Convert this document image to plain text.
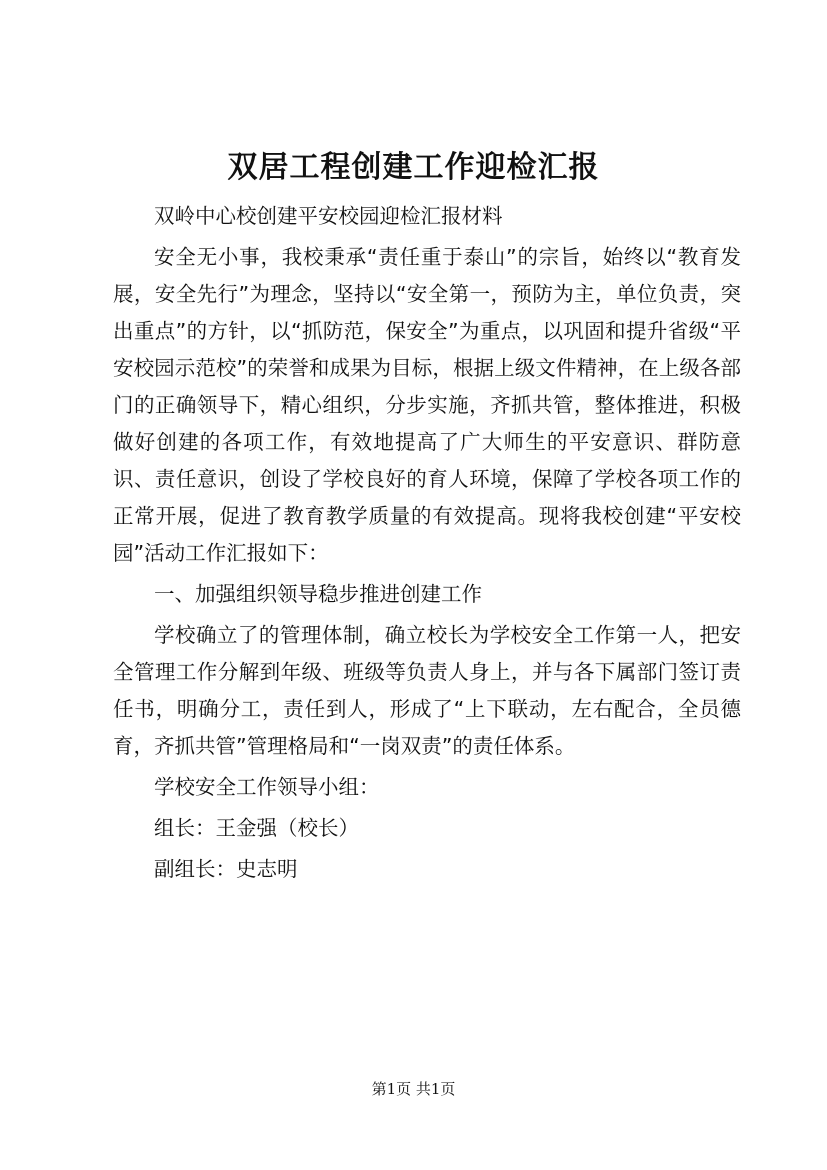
双居工程创建工作迎检汇报

双岭中心校创建平安校园迎检汇报材料

安全无小事，我校秉承“责任重于泰山”的宗旨，始终以“教育发展，安全先行”为理念，坚持以“安全第一，预防为主，单位负责，突出重点”的方针，以“抓防范，保安全”为重点，以巩固和提升省级“平安校园示范校”的荣誉和成果为目标，根据上级文件精神，在上级各部门的正确领导下，精心组织，分步实施，齐抓共管，整体推进，积极做好创建的各项工作，有效地提高了广大师生的平安意识、群防意识、责任意识，创设了学校良好的育人环境，保障了学校各项工作的正常开展，促进了教育教学质量的有效提高。现将我校创建“平安校园”活动工作汇报如下：

一、加强组织领导稳步推进创建工作

学校确立了的管理体制，确立校长为学校安全工作第一人，把安全管理工作分解到年级、班级等负责人身上，并与各下属部门签订责任书，明确分工，责任到人，形成了“上下联动，左右配合，全员德育，齐抓共管”管理格局和“一岗双责”的责任体系。

学校安全工作领导小组：

组长：王金强（校长）

副组长：史志明

第1页 共1页
